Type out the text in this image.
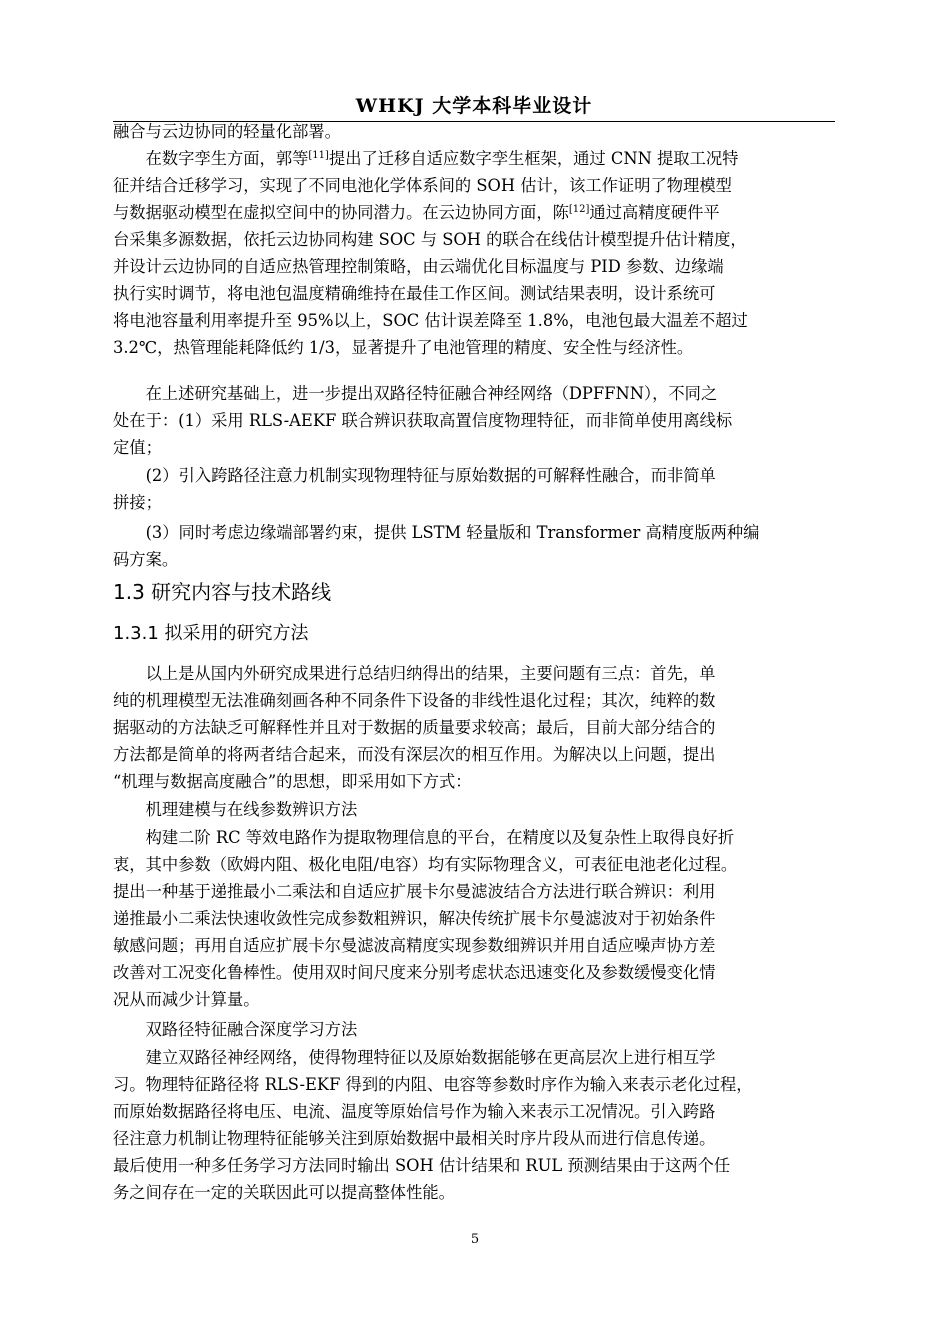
WHKJ 大学本科毕业设计

融合与云边协同的轻量化部署。

　　在数字孪生方面，郭等[11]提出了迁移自适应数字孪生框架，通过 CNN 提取工况特
征并结合迁移学习，实现了不同电池化学体系间的 SOH 估计，该工作证明了物理模型
与数据驱动模型在虚拟空间中的协同潜力。在云边协同方面，陈[12]通过高精度硬件平
台采集多源数据，依托云边协同构建 SOC 与 SOH 的联合在线估计模型提升估计精度，
并设计云边协同的自适应热管理控制策略，由云端优化目标温度与 PID 参数、边缘端
执行实时调节，将电池包温度精确维持在最佳工作区间。测试结果表明，设计系统可
将电池容量利用率提升至 95%以上，SOC 估计误差降至 1.8%，电池包最大温差不超过
3.2℃，热管理能耗降低约 1/3，显著提升了电池管理的精度、安全性与经济性。

　　在上述研究基础上，进一步提出双路径特征融合神经网络（DPFFNN），不同之
处在于：(1）采用 RLS-AEKF 联合辨识获取高置信度物理特征，而非简单使用离线标
定值；

　　(2）引入跨路径注意力机制实现物理特征与原始数据的可解释性融合，而非简单
拼接；

　　(3）同时考虑边缘端部署约束，提供 LSTM 轻量版和 Transformer 高精度版两种编
码方案。

1.3 研究内容与技术路线
1.3.1 拟采用的研究方法

　　以上是从国内外研究成果进行总结归纳得出的结果，主要问题有三点：首先，单
纯的机理模型无法准确刻画各种不同条件下设备的非线性退化过程；其次，纯粹的数
据驱动的方法缺乏可解释性并且对于数据的质量要求较高；最后，目前大部分结合的
方法都是简单的将两者结合起来，而没有深层次的相互作用。为解决以上问题，提出
“机理与数据高度融合”的思想，即采用如下方式：

　　机理建模与在线参数辨识方法

　　构建二阶 RC 等效电路作为提取物理信息的平台，在精度以及复杂性上取得良好折
衷，其中参数（欧姆内阻、极化电阻/电容）均有实际物理含义，可表征电池老化过程。
提出一种基于递推最小二乘法和自适应扩展卡尔曼滤波结合方法进行联合辨识：利用
递推最小二乘法快速收敛性完成参数粗辨识，解决传统扩展卡尔曼滤波对于初始条件
敏感问题；再用自适应扩展卡尔曼滤波高精度实现参数细辨识并用自适应噪声协方差
改善对工况变化鲁棒性。使用双时间尺度来分别考虑状态迅速变化及参数缓慢变化情
况从而减少计算量。

　　双路径特征融合深度学习方法

　　建立双路径神经网络，使得物理特征以及原始数据能够在更高层次上进行相互学
习。物理特征路径将 RLS-EKF 得到的内阻、电容等参数时序作为输入来表示老化过程，
而原始数据路径将电压、电流、温度等原始信号作为输入来表示工况情况。引入跨路
径注意力机制让物理特征能够关注到原始数据中最相关时序片段从而进行信息传递。
最后使用一种多任务学习方法同时输出 SOH 估计结果和 RUL 预测结果由于这两个任
务之间存在一定的关联因此可以提高整体性能。

5
